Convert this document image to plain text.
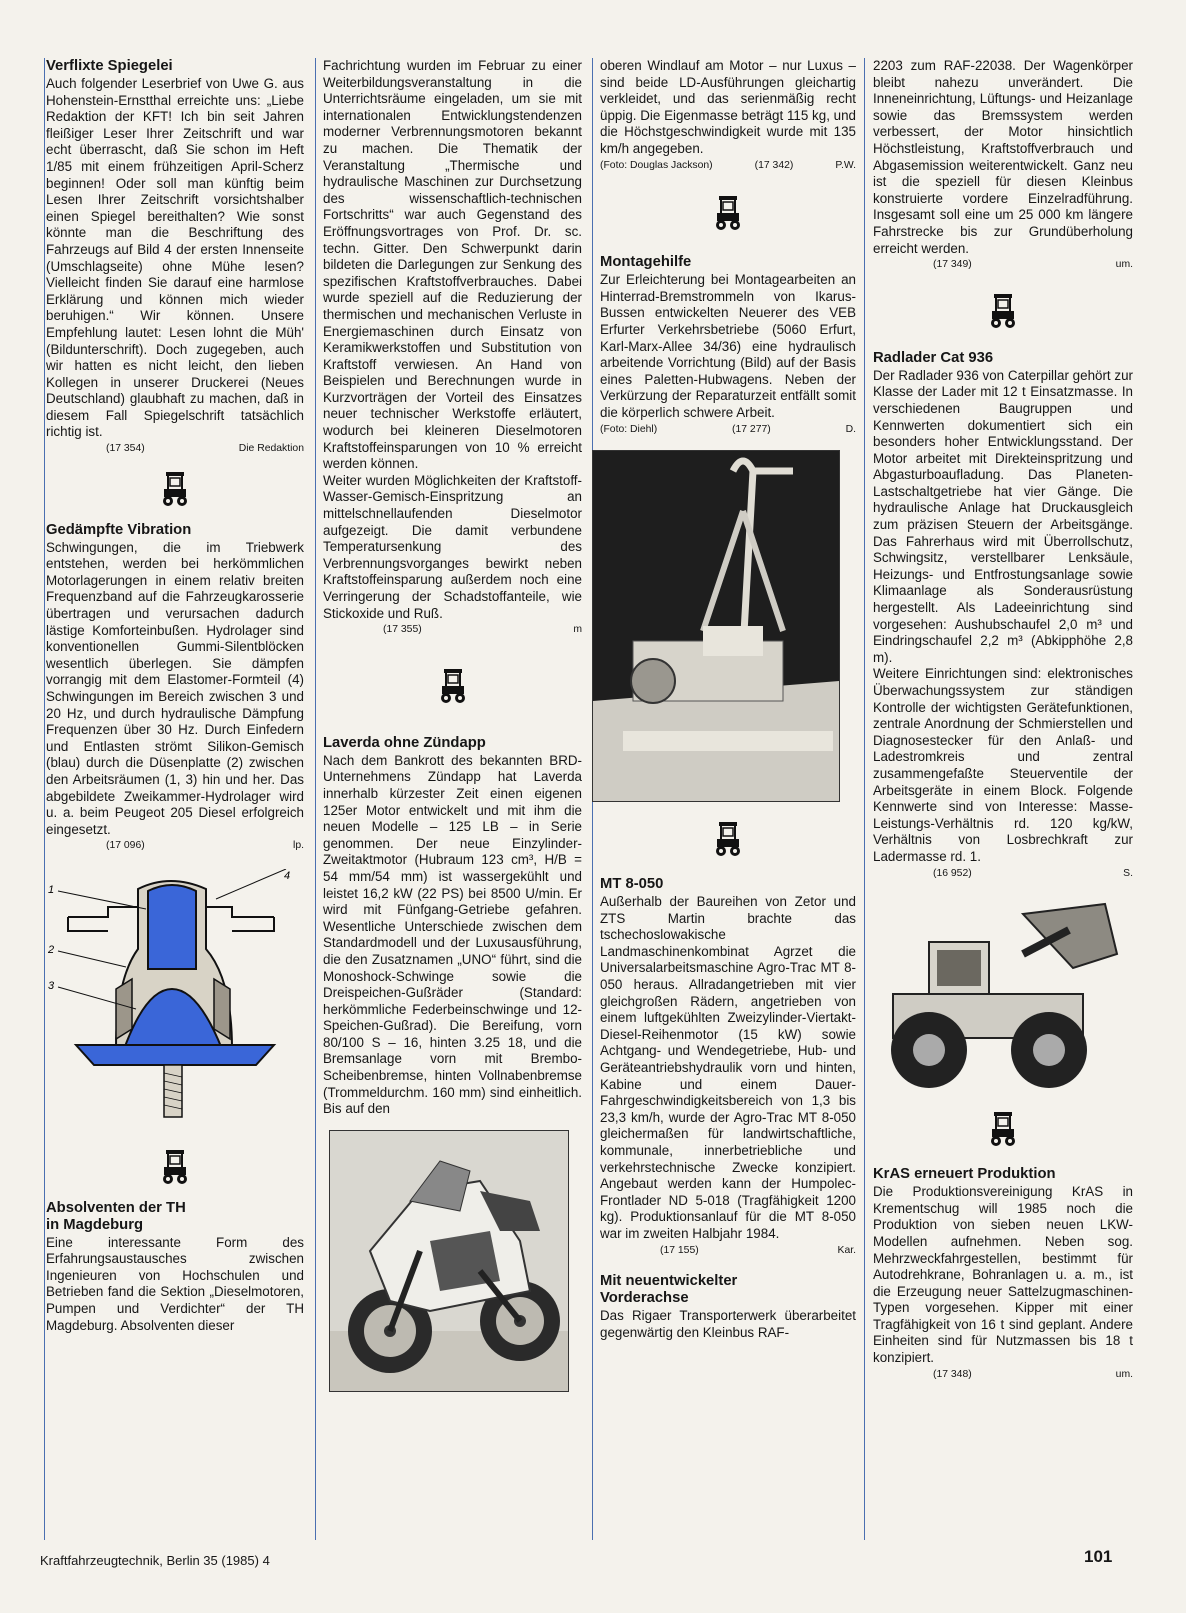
Verflixte Spiegelei

Auch folgender Leserbrief von Uwe G. aus Hohenstein-Ernstthal erreichte uns: „Liebe Redaktion der KFT! Ich bin seit Jahren fleißiger Leser Ihrer Zeitschrift und war echt überrascht, daß Sie schon im Heft 1/85 mit einem frühzeitigen April-Scherz beginnen! Oder soll man künftig beim Lesen Ihrer Zeitschrift vorsichtshalber einen Spiegel bereithalten? Wie sonst könnte man die Beschriftung des Fahrzeugs auf Bild 4 der ersten Innenseite (Umschlagseite) ohne Mühe lesen? Vielleicht finden Sie darauf eine harmlose Erklärung und können mich wieder beruhigen.“ Wir können. Unsere Empfehlung lautet: Lesen lohnt die Müh' (Bildunterschrift). Doch zugegeben, auch wir hatten es nicht leicht, den lieben Kollegen in unserer Druckerei (Neues Deutschland) glaubhaft zu machen, daß in diesem Fall Spiegelschrift tatsächlich richtig ist.

(17 354)	Die Redaktion
Gedämpfte Vibration

Schwingungen, die im Triebwerk entstehen, werden bei herkömmlichen Motorlagerungen in einem relativ breiten Frequenzband auf die Fahrzeugkarosserie übertragen und verursachen dadurch lästige Komforteinbußen. Hydrolager sind konventionellen Gummi-Silentblöcken wesentlich überlegen. Sie dämpfen vorrangig mit dem Elastomer-Formteil (4) Schwingungen im Bereich zwischen 3 und 20 Hz, und durch hydraulische Dämpfung Frequenzen über 30 Hz. Durch Einfedern und Entlasten strömt Silikon-Gemisch (blau) durch die Düsenplatte (2) zwischen den Arbeitsräumen (1, 3) hin und her. Das abgebildete Zweikammer-Hydrolager wird u. a. beim Peugeot 205 Diesel erfolgreich eingesetzt.

(17 096)	lp.
1
2
3
4
Absolventen der TH
in Magdeburg

Eine interessante Form des Erfahrungsaustausches zwischen Ingenieuren von Hochschulen und Betrieben fand die Sektion „Dieselmotoren, Pumpen und Verdichter“ der TH Magdeburg. Absolventen dieser

Fachrichtung wurden im Februar zu einer Weiterbildungsveranstaltung in die Unterrichtsräume eingeladen, um sie mit internationalen Entwicklungstendenzen moderner Verbrennungsmotoren bekannt zu machen. Die Thematik der Veranstaltung „Thermische und hydraulische Maschinen zur Durchsetzung des wissenschaftlich-technischen Fortschritts“ war auch Gegenstand des Eröffnungsvortrages von Prof. Dr. sc. techn. Gitter. Den Schwerpunkt darin bildeten die Darlegungen zur Senkung des spezifischen Kraftstoffverbrauches. Dabei wurde speziell auf die Reduzierung der thermischen und mechanischen Verluste in Energiemaschinen durch Einsatz von Keramikwerkstoffen und Substitution von Kraftstoff verwiesen. An Hand von Beispielen und Berechnungen wurde in Kurzvorträgen der Vorteil des Einsatzes neuer technischer Werkstoffe erläutert, wodurch bei kleineren Dieselmotoren Kraftstoffeinsparungen von 10 % erreicht werden können.

Weiter wurden Möglichkeiten der Kraftstoff-Wasser-Gemisch-Einspritzung an mittelschnellaufenden Dieselmotor aufgezeigt. Die damit verbundene Temperatursenkung des Verbrennungsvorganges bewirkt neben Kraftstoffeinsparung außerdem noch eine Verringerung der Schadstoffanteile, wie Stickoxide und Ruß.

(17 355)	m
Laverda ohne Zündapp

Nach dem Bankrott des bekannten BRD-Unternehmens Zündapp hat Laverda innerhalb kürzester Zeit einen eigenen 125er Motor entwickelt und mit ihm die neuen Modelle – 125 LB – in Serie genommen. Der neue Einzylinder-Zweitaktmotor (Hubraum 123 cm³, H/B = 54 mm/54 mm) ist wassergekühlt und leistet 16,2 kW (22 PS) bei 8500 U/min. Er wird mit Fünfgang-Getriebe gefahren. Wesentliche Unterschiede zwischen dem Standardmodell und der Luxusausführung, die den Zusatznamen „UNO“ führt, sind die Monoshock-Schwinge sowie die Dreispeichen-Gußräder (Standard: herkömmliche Federbeinschwinge und 12-Speichen-Gußrad). Die Bereifung, vorn 80/100 S – 16, hinten 3.25 18, und die Bremsanlage vorn mit Brembo-Scheibenbremse, hinten Vollnabenbremse (Trommeldurchm. 160 mm) sind einheitlich. Bis auf den

oberen Windlauf am Motor – nur Luxus – sind beide LD-Ausführungen gleichartig verkleidet, und das serienmäßig recht üppig. Die Eigenmasse beträgt 115 kg, und die Höchstgeschwindigkeit wurde mit 135 km/h angegeben.

(Foto: Douglas Jackson)	(17 342)	P.W.
Montagehilfe

Zur Erleichterung bei Montagearbeiten an Hinterrad-Bremstrommeln von Ikarus-Bussen entwickelten Neuerer des VEB Erfurter Verkehrsbetriebe (5060 Erfurt, Karl-Marx-Allee 34/36) eine hydraulisch arbeitende Vorrichtung (Bild) auf der Basis eines Paletten-Hubwagens. Neben der Verkürzung der Reparaturzeit entfällt somit die körperlich schwere Arbeit.

(Foto: Diehl)	(17 277)	D.
MT 8-050

Außerhalb der Baureihen von Zetor und ZTS Martin brachte das tschechoslowakische Landmaschinenkombinat Agrzet die Universalarbeitsmaschine Agro-Trac MT 8-050 heraus. Allradangetrieben mit vier gleichgroßen Rädern, angetrieben von einem luftgekühlten Zweizylinder-Viertakt-Diesel-Reihenmotor (15 kW) sowie Achtgang- und Wendegetriebe, Hub- und Geräteantriebshydraulik vorn und hinten, Kabine und einem Dauer-Fahrgeschwindigkeitsbereich von 1,3 bis 23,3 km/h, wurde der Agro-Trac MT 8-050 gleichermaßen für landwirtschaftliche, kommunale, innerbetriebliche und verkehrstechnische Zwecke konzipiert. Angebaut werden kann der Humpolec-Frontlader ND 5-018 (Tragfähigkeit 1200 kg). Produktionsanlauf für die MT 8-050 war im zweiten Halbjahr 1984.

(17 155)	Kar.
Mit neuentwickelter
Vorderachse

Das Rigaer Transporterwerk überarbeitet gegenwärtig den Kleinbus RAF-

2203 zum RAF-22038. Der Wagenkörper bleibt nahezu unverändert. Die Inneneinrichtung, Lüftungs- und Heizanlage sowie das Bremssystem werden verbessert, der Motor hinsichtlich Höchstleistung, Kraftstoffverbrauch und Abgasemission weiterentwickelt. Ganz neu ist die speziell für diesen Kleinbus konstruierte vordere Einzelradführung. Insgesamt soll eine um 25 000 km längere Fahrstrecke bis zur Grundüberholung erreicht werden.

(17 349)	um.
Radlader Cat 936

Der Radlader 936 von Caterpillar gehört zur Klasse der Lader mit 12 t Einsatzmasse. In verschiedenen Baugruppen und Kennwerten dokumentiert sich ein besonders hoher Entwicklungsstand. Der Motor arbeitet mit Direkteinspritzung und Abgasturboaufladung. Das Planeten-Lastschaltgetriebe hat vier Gänge. Die hydraulische Anlage hat Druckausgleich zum präzisen Steuern der Arbeitsgänge. Das Fahrerhaus wird mit Überrollschutz, Schwingsitz, verstellbarer Lenksäule, Heizungs- und Entfrostungsanlage sowie Klimaanlage als Sonderausrüstung hergestellt. Als Ladeeinrichtung sind vorgesehen: Aushubschaufel 2,0 m³ und Eindringschaufel 2,2 m³ (Abkipphöhe 2,8 m).

Weitere Einrichtungen sind: elektronisches Überwachungssystem zur ständigen Kontrolle der wichtigsten Gerätefunktionen, zentrale Anordnung der Schmierstellen und Diagnosestecker für den Anlaß- und Ladestromkreis und zentral zusammengefaßte Steuerventile der Arbeitsgeräte in einem Block. Folgende Kennwerte sind von Interesse: Masse-Leistungs-Verhältnis rd. 120 kg/kW, Verhältnis von Losbrechkraft zur Ladermasse rd. 1.

(16 952)	S.
KrAS erneuert Produktion

Die Produktionsvereinigung KrAS in Krementschug will 1985 noch die Produktion von sieben neuen LKW-Modellen aufnehmen. Neben sog. Mehrzweckfahrgestellen, bestimmt für Autodrehkrane, Bohranlagen u. a. m., ist die Erzeugung neuer Sattelzugmaschinen-Typen vorgesehen. Kipper mit einer Tragfähigkeit von 16 t sind geplant. Andere Einheiten sind für Nutzmassen bis 18 t konzipiert.

(17 348)	um.
Kraftfahrzeugtechnik, Berlin 35 (1985) 4	101
